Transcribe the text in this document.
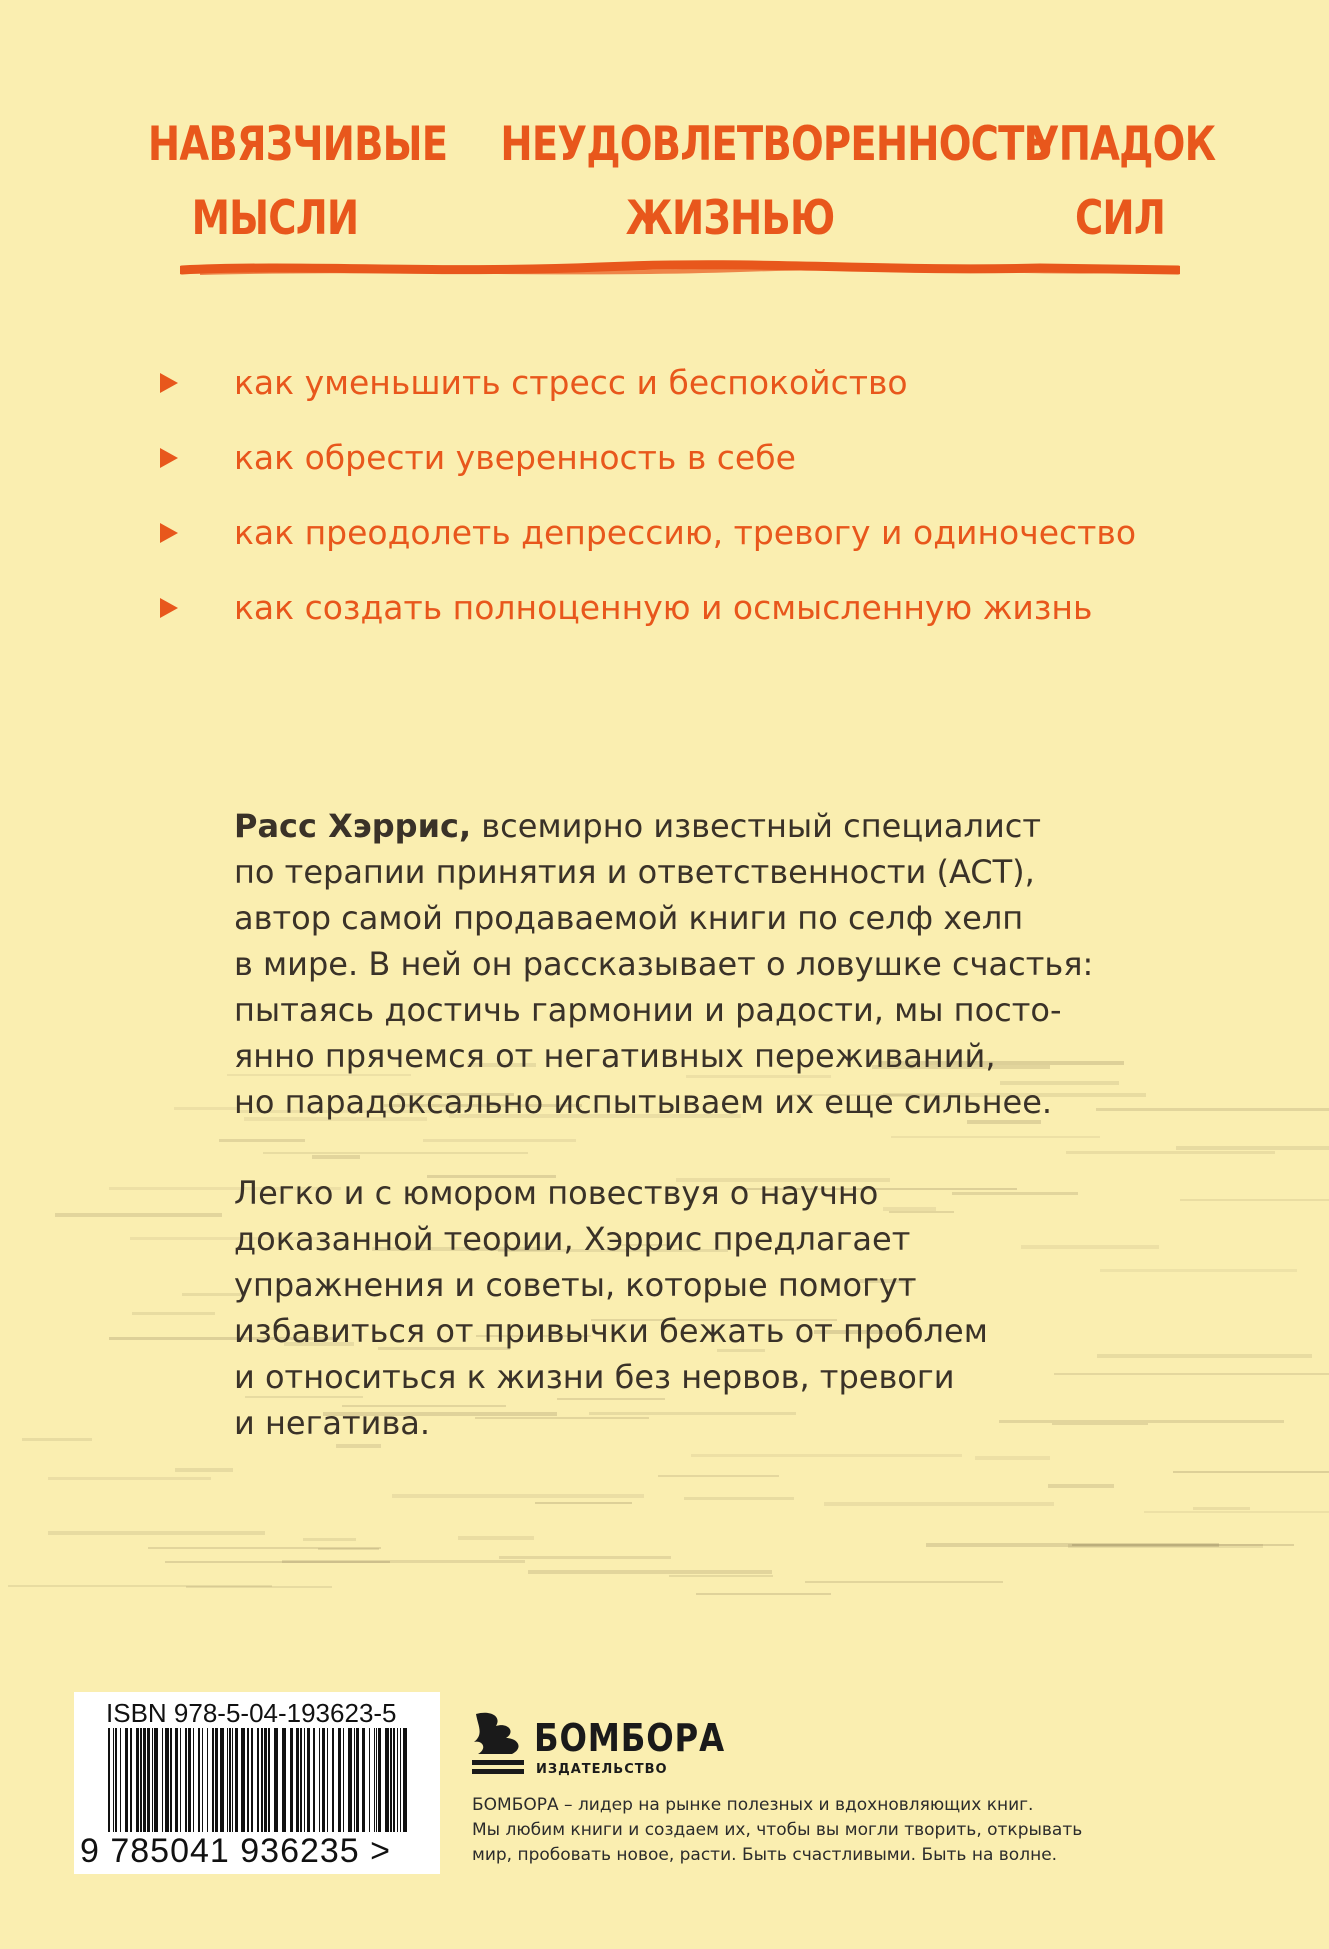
НАВЯЗЧИВЫЕ
МЫСЛИ
НЕУДОВЛЕТВОРЕННОСТЬ
ЖИЗНЬЮ
УПАДОК
СИЛ
как уменьшить стресс и беспокойство
как обрести уверенность в себе
как преодолеть депрессию, тревогу и одиночество
как создать полноценную и осмысленную жизнь
Расс Хэррис, всемирно известный специалист
по терапии принятия и ответственности (ACT),
автор самой продаваемой книги по селф хелп
в мире. В ней он рассказывает о ловушке счастья:
пытаясь достичь гармонии и радости, мы посто-
янно прячемся от негативных переживаний,
но парадоксально испытываем их еще сильнее.
Легко и с юмором повествуя о научно
доказанной теории, Хэррис предлагает
упражнения и советы, которые помогут
избавиться от привычки бежать от проблем
и относиться к жизни без нервов, тревоги
и негатива.
ISBN 978-5-04-193623-5
9 785041 936235 >
БОМБОРА
ИЗДАТЕЛЬСТВО
БОМБОРА – лидер на рынке полезных и вдохновляющих книг.
Мы любим книги и создаем их, чтобы вы могли творить, открывать
мир, пробовать новое, расти. Быть счастливыми. Быть на волне.
